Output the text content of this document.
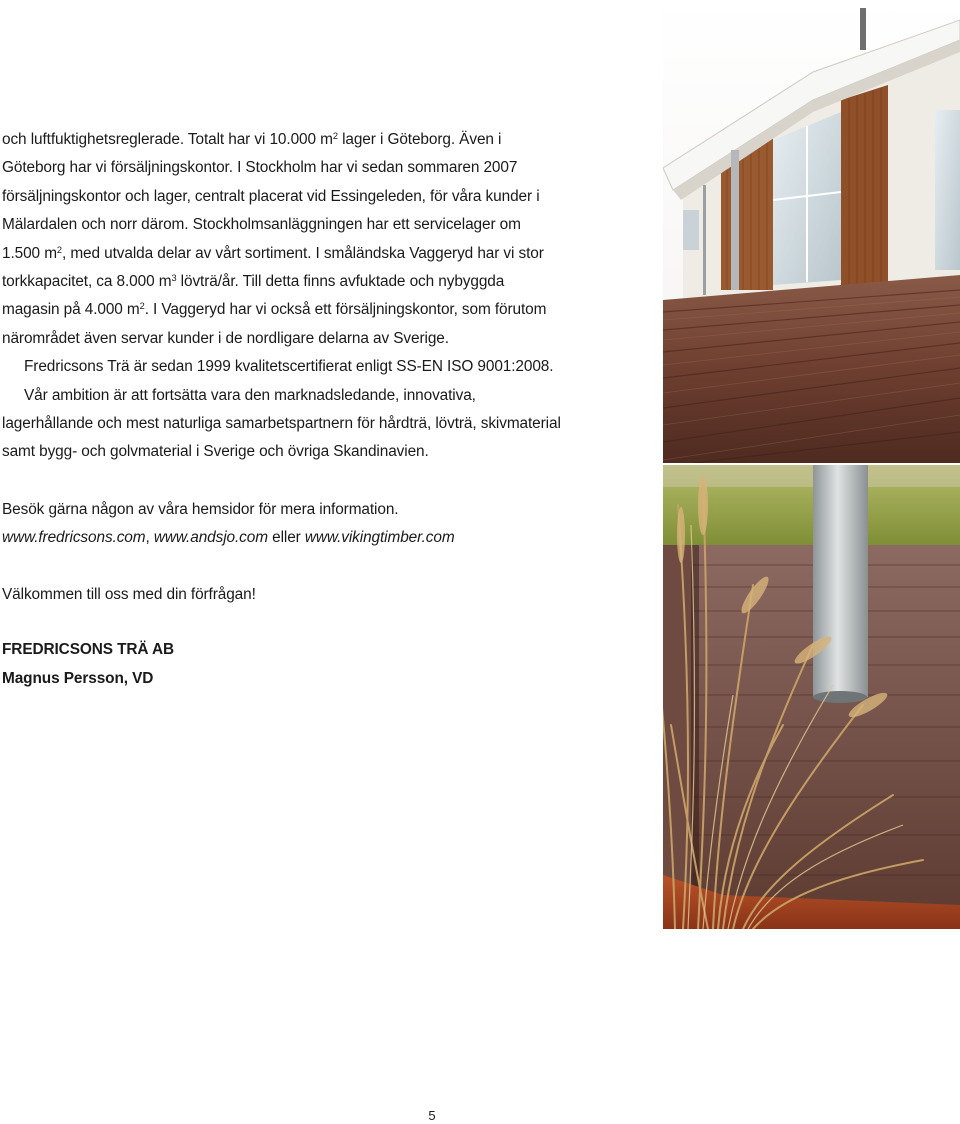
och luftfuktighetsreglerade. Totalt har vi 10.000 $m^2$ lager i Göteborg. Även i Göteborg har vi försäljningskontor. I Stockholm har vi sedan sommaren 2007 försäljningskontor och lager, centralt placerat vid Essingeleden, för våra kunder i Mälardalen och norr därom. Stockholmsanläggningen har ett servicelager om 1.500 $m^2$, med utvalda delar av vårt sortiment. I småländska Vaggeryd har vi stor torkkapacitet, ca 8.000 $m^3$ lövträ/år. Till detta finns avfuktade och nybyggda magasin på 4.000 $m^2$. I Vaggeryd har vi också ett försäljningskontor, som förutom närområdet även servar kunder i de nordligare delarna av Sverige.

Fredricsons Trä är sedan 1999 kvalitetscertifierat enligt SS-EN ISO 9001:2008.

Vår ambition är att fortsätta vara den marknadsledande, innovativa, lagerhållande och mest naturliga samarbetspartnern för hårdträ, lövträ, skivmaterial samt bygg- och golvmaterial i Sverige och övriga Skandinavien.

Besök gärna någon av våra hemsidor för mera information.

www.fredricsons.com, www.andsjo.com eller www.vikingtimber.com

Välkommen till oss med din förfrågan!

FREDRICSONS TRÄ AB

Magnus Persson, VD

5
